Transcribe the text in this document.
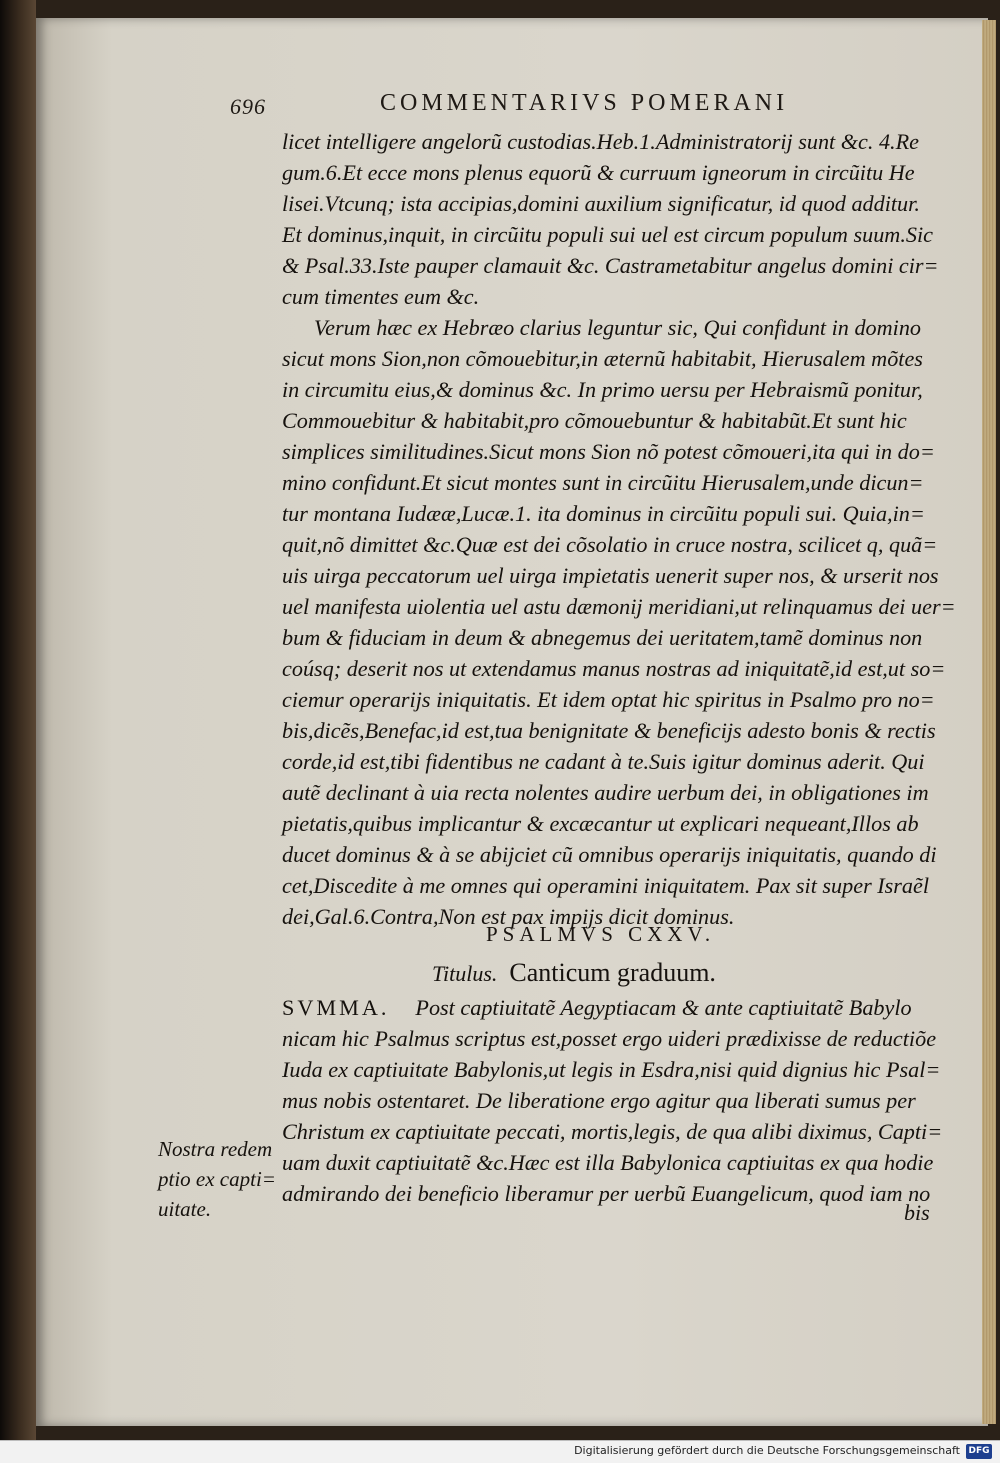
696	COMMENTARIVS POMERANI
licet intelligere angelorũ custodias.Heb.1.Administratorij sunt &c. 4.Re
gum.6.Et ecce mons plenus equorũ & curruum igneorum in circũitu He
lisei.Vtcunq; ista accipias,domini auxilium significatur, id quod additur.
Et dominus,inquit, in circũitu populi sui uel est circum populum suum.Sic
& Psal.33.Iste pauper clamauit &c. Castrametabitur angelus domini cir=
cum timentes eum &c.
Verum hæc ex Hebræo clarius leguntur sic, Qui confidunt in domino
sicut mons Sion,non cõmouebitur,in æternũ habitabit, Hierusalem mõtes
in circumitu eius,& dominus &c. In primo uersu per Hebraismũ ponitur,
Commouebitur & habitabit,pro cõmouebuntur & habitabũt.Et sunt hic
simplices similitudines.Sicut mons Sion nõ potest cõmoueri,ita qui in do=
mino confidunt.Et sicut montes sunt in circũitu Hierusalem,unde dicun=
tur montana Iudææ,Lucæ.1. ita dominus in circũitu populi sui. Quia,in=
quit,nõ dimittet &c.Quæ est dei cõsolatio in cruce nostra, scilicet q, quã=
uis uirga peccatorum uel uirga impietatis uenerit super nos, & urserit nos
uel manifesta uiolentia uel astu dæmonij meridiani,ut relinquamus dei uer=
bum & fiduciam in deum & abnegemus dei ueritatem,tamẽ dominus non
coúsq; deserit nos ut extendamus manus nostras ad iniquitatẽ,id est,ut so=
ciemur operarijs iniquitatis. Et idem optat hic spiritus in Psalmo pro no=
bis,dicẽs,Benefac,id est,tua benignitate & beneficijs adesto bonis & rectis
corde,id est,tibi fidentibus ne cadant à te.Suis igitur dominus aderit. Qui
autẽ declinant à uia recta nolentes audire uerbum dei, in obligationes im
pietatis,quibus implicantur & excæcantur ut explicari nequeant,Illos ab
ducet dominus & à se abijciet cũ omnibus operarijs iniquitatis, quando di
cet,Discedite à me omnes qui operamini iniquitatem. Pax sit super Israẽl
dei,Gal.6.Contra,Non est pax impijs dicit dominus.
PSALMVS CXXV.
Titulus. Canticum graduum.
SVMMA. Post captiuitatẽ Aegyptiacam & ante captiuitatẽ Babylo
nicam hic Psalmus scriptus est,posset ergo uideri prædixisse de reductiõe
Iuda ex captiuitate Babylonis,ut legis in Esdra,nisi quid dignius hic Psal=
mus nobis ostentaret. De liberatione ergo agitur qua liberati sumus per
Christum ex captiuitate peccati, mortis,legis, de qua alibi diximus, Capti=
uam duxit captiuitatẽ &c.Hæc est illa Babylonica captiuitas ex qua hodie
admirando dei beneficio liberamur per uerbũ Euangelicum, quod iam no
bis
Nostra redem
ptio ex capti=
uitate.
Digitalisierung gefördert durch die Deutsche Forschungsgemeinschaft DFG
